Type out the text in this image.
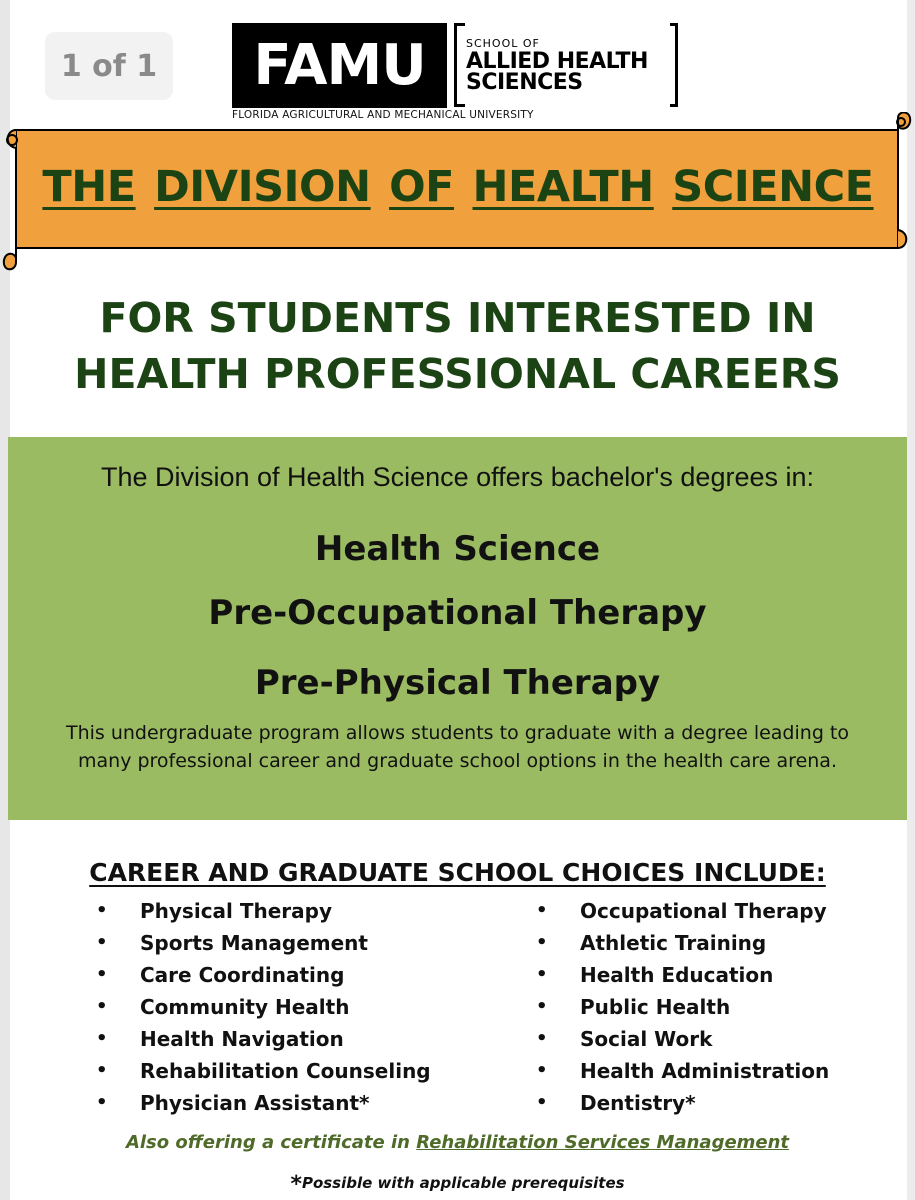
1 of 1	FAMU	SCHOOL OF
ALLIED HEALTH
SCIENCES
FLORIDA AGRICULTURAL AND MECHANICAL UNIVERSITY
THE DIVISION OF HEALTH SCIENCE
FOR STUDENTS INTERESTED IN
HEALTH PROFESSIONAL CAREERS
The Division of Health Science offers bachelor's degrees in:
Health Science
Pre-Occupational Therapy
Pre-Physical Therapy
This undergraduate program allows students to graduate with a degree leading to
many professional career and graduate school options in the health care arena.
CAREER AND GRADUATE SCHOOL CHOICES INCLUDE:
• Physical Therapy
• Sports Management
• Care Coordinating
• Community Health
• Health Navigation
• Rehabilitation Counseling
• Physician Assistant*
• Occupational Therapy
• Athletic Training
• Health Education
• Public Health
• Social Work
• Health Administration
• Dentistry*
Also offering a certificate in Rehabilitation Services Management
*Possible with applicable prerequisites
